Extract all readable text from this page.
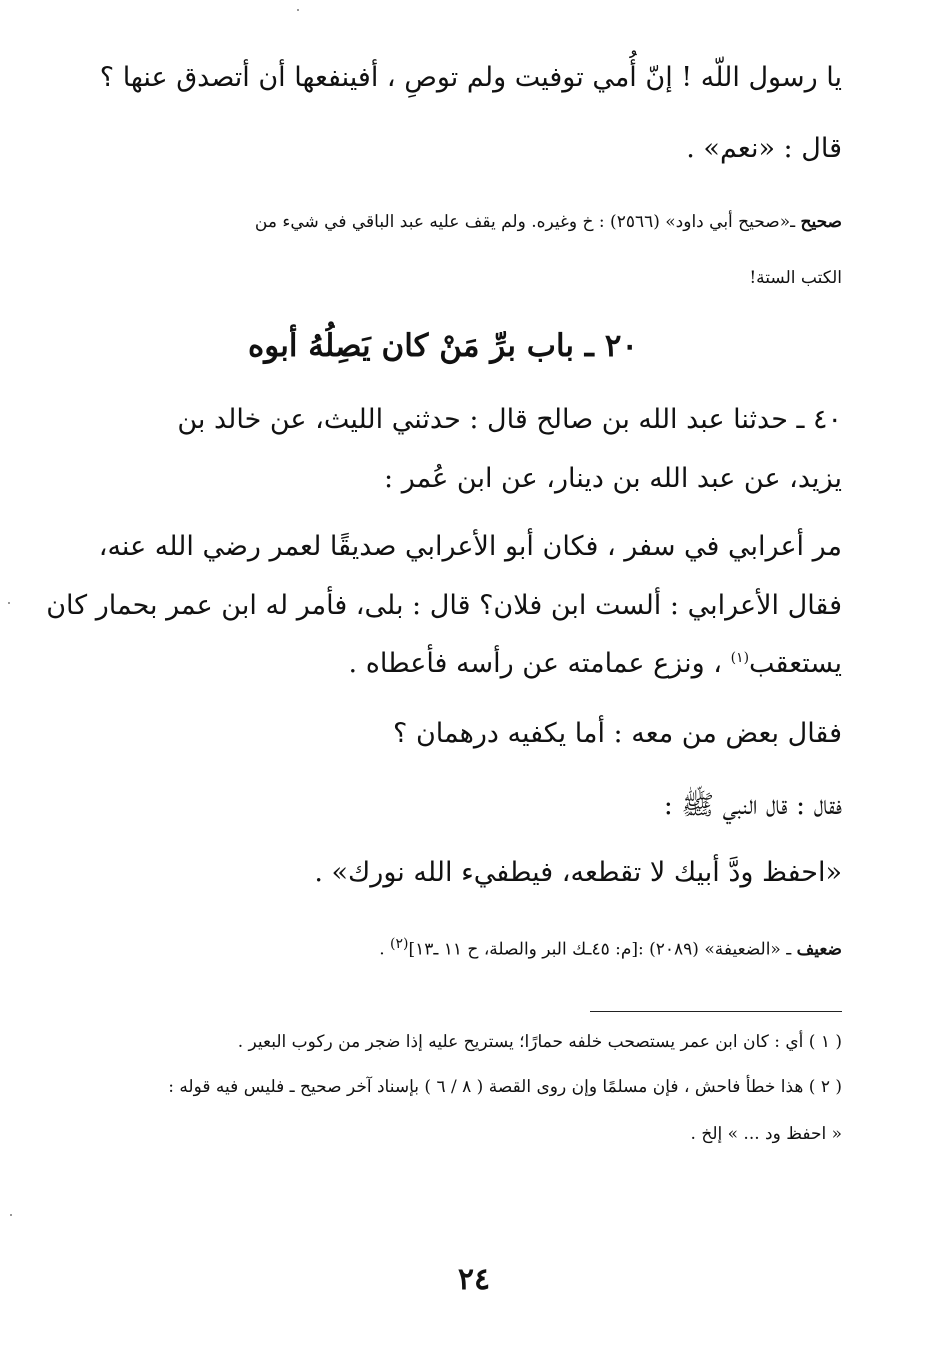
يا رسول اللّه ! إنّ أُمي توفيت ولم توصِ ، أفينفعها أن أتصدق عنها ؟
قال : «نعم» .
صحيح ـ«صحيح أبي داود» (٢٥٦٦) : خ وغيره. ولم يقف عليه عبد الباقي في شيء من
الكتب الستة!
٢٠ ـ باب برِّ مَنْ كان يَصِلُهُ أبوه
٤٠ ـ حدثنا عبد الله بن صالح قال : حدثني الليث، عن خالد بن
يزيد، عن عبد الله بن دينار، عن ابن عُمر :
مر أعرابي في سفر ، فكان أبو الأعرابي صديقًا لعمر رضي الله عنه،
فقال الأعرابي : ألست ابن فلان؟ قال : بلى، فأمر له ابن عمر بحمار كان
يستعقب$^{(١)}$ ، ونزع عمامته عن رأسه فأعطاه .
فقال بعض من معه : أما يكفيه درهمان ؟
فقال : قال النبي ﷺ :
«احفظ ودَّ أبيك لا تقطعه، فيطفيء الله نورك» .
ضعيف ـ «الضعيفة» (٢٠٨٩) :[م: ٤٥ـك البر والصلة، ح ١١ ـ١٣]$^{(٢)}$ .
( ١ ) أي : كان ابن عمر يستصحب خلفه حمارًا؛ يستريح عليه إذا ضجر من ركوب البعير .
( ٢ ) هذا خطأ فاحش ، فإن مسلمًا وإن روى القصة ( ٨ / ٦ ) بإسناد آخر صحيح ـ فليس فيه قوله :
« احفظ ود ... » إلخ .
٢٤
